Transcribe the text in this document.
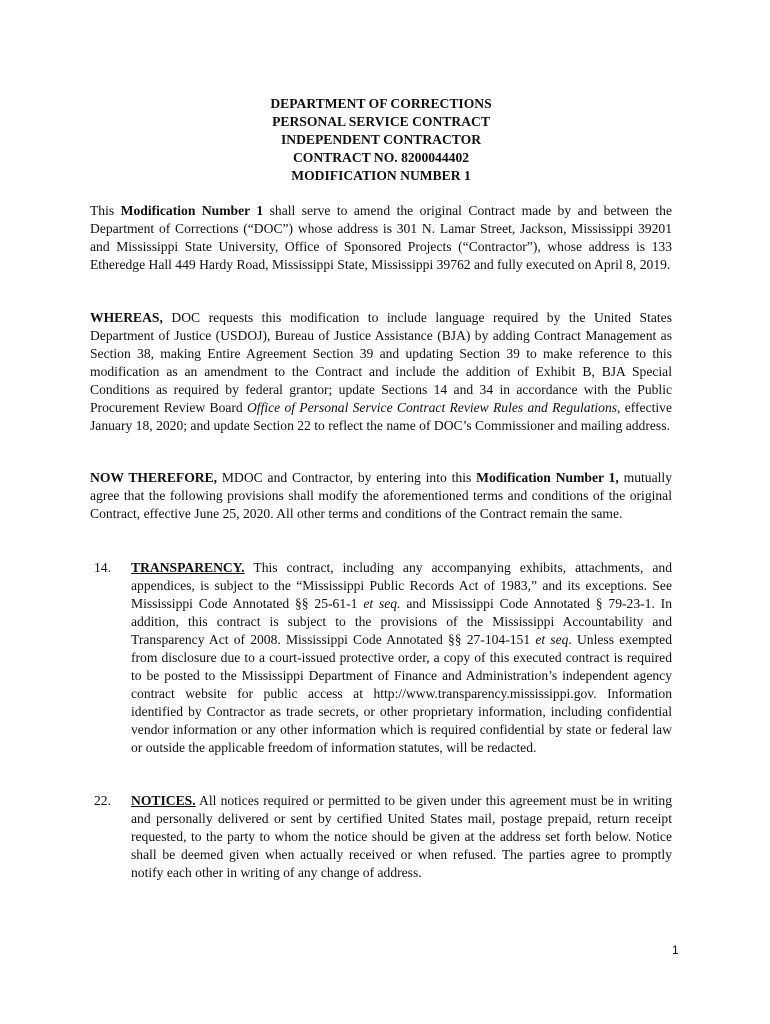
DEPARTMENT OF CORRECTIONS
PERSONAL SERVICE CONTRACT
INDEPENDENT CONTRACTOR
CONTRACT NO. 8200044402
MODIFICATION NUMBER 1
This Modification Number 1 shall serve to amend the original Contract made by and between the Department of Corrections (“DOC”) whose address is 301 N. Lamar Street, Jackson, Mississippi 39201 and Mississippi State University, Office of Sponsored Projects (“Contractor”), whose address is 133 Etheredge Hall 449 Hardy Road, Mississippi State, Mississippi 39762 and fully executed on April 8, 2019.
WHEREAS, DOC requests this modification to include language required by the United States Department of Justice (USDOJ), Bureau of Justice Assistance (BJA) by adding Contract Management as Section 38, making Entire Agreement Section 39 and updating Section 39 to make reference to this modification as an amendment to the Contract and include the addition of Exhibit B, BJA Special Conditions as required by federal grantor; update Sections 14 and 34 in accordance with the Public Procurement Review Board Office of Personal Service Contract Review Rules and Regulations, effective January 18, 2020; and update Section 22 to reflect the name of DOC’s Commissioner and mailing address.
NOW THEREFORE, MDOC and Contractor, by entering into this Modification Number 1, mutually agree that the following provisions shall modify the aforementioned terms and conditions of the original Contract, effective June 25, 2020. All other terms and conditions of the Contract remain the same.
14. TRANSPARENCY. This contract, including any accompanying exhibits, attachments, and appendices, is subject to the “Mississippi Public Records Act of 1983,” and its exceptions. See Mississippi Code Annotated §§ 25-61-1 et seq. and Mississippi Code Annotated § 79-23-1. In addition, this contract is subject to the provisions of the Mississippi Accountability and Transparency Act of 2008. Mississippi Code Annotated §§ 27-104-151 et seq. Unless exempted from disclosure due to a court-issued protective order, a copy of this executed contract is required to be posted to the Mississippi Department of Finance and Administration’s independent agency contract website for public access at http://www.transparency.mississippi.gov. Information identified by Contractor as trade secrets, or other proprietary information, including confidential vendor information or any other information which is required confidential by state or federal law or outside the applicable freedom of information statutes, will be redacted.
22. NOTICES. All notices required or permitted to be given under this agreement must be in writing and personally delivered or sent by certified United States mail, postage prepaid, return receipt requested, to the party to whom the notice should be given at the address set forth below. Notice shall be deemed given when actually received or when refused. The parties agree to promptly notify each other in writing of any change of address.
1
